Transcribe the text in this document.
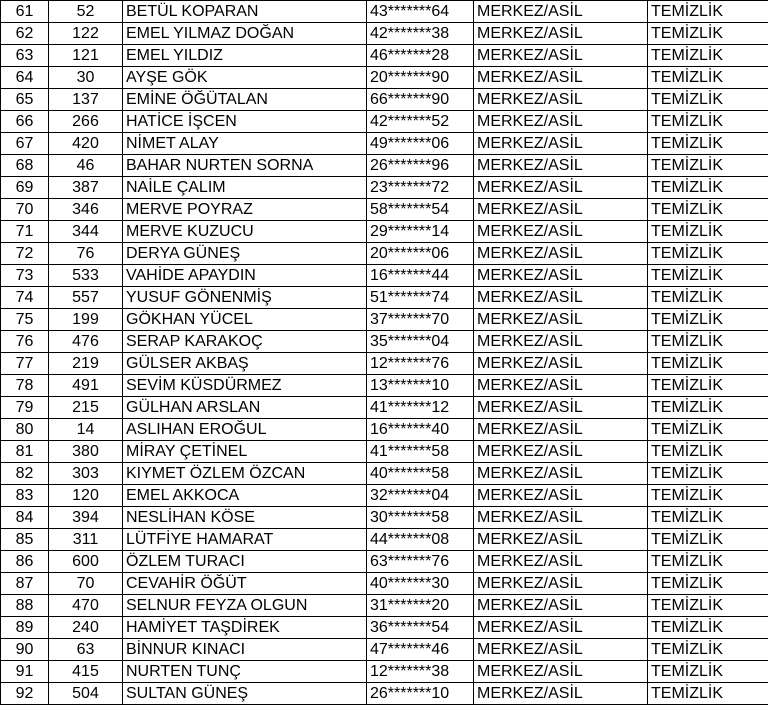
61	52	BETÜL KOPARAN	43*******64	MERKEZ/ASİL	TEMİZLİK
62	122	EMEL YILMAZ DOĞAN	42*******38	MERKEZ/ASİL	TEMİZLİK
63	121	EMEL YILDIZ	46*******28	MERKEZ/ASİL	TEMİZLİK
64	30	AYŞE GÖK	20*******90	MERKEZ/ASİL	TEMİZLİK
65	137	EMİNE ÖĞÜTALAN	66*******90	MERKEZ/ASİL	TEMİZLİK
66	266	HATİCE İŞCEN	42*******52	MERKEZ/ASİL	TEMİZLİK
67	420	NİMET ALAY	49*******06	MERKEZ/ASİL	TEMİZLİK
68	46	BAHAR NURTEN SORNA	26*******96	MERKEZ/ASİL	TEMİZLİK
69	387	NAİLE ÇALIM	23*******72	MERKEZ/ASİL	TEMİZLİK
70	346	MERVE POYRAZ	58*******54	MERKEZ/ASİL	TEMİZLİK
71	344	MERVE KUZUCU	29*******14	MERKEZ/ASİL	TEMİZLİK
72	76	DERYA GÜNEŞ	20*******06	MERKEZ/ASİL	TEMİZLİK
73	533	VAHİDE APAYDIN	16*******44	MERKEZ/ASİL	TEMİZLİK
74	557	YUSUF GÖNENMİŞ	51*******74	MERKEZ/ASİL	TEMİZLİK
75	199	GÖKHAN YÜCEL	37*******70	MERKEZ/ASİL	TEMİZLİK
76	476	SERAP KARAKOÇ	35*******04	MERKEZ/ASİL	TEMİZLİK
77	219	GÜLSER AKBAŞ	12*******76	MERKEZ/ASİL	TEMİZLİK
78	491	SEVİM KÜSDÜRMEZ	13*******10	MERKEZ/ASİL	TEMİZLİK
79	215	GÜLHAN ARSLAN	41*******12	MERKEZ/ASİL	TEMİZLİK
80	14	ASLIHAN EROĞUL	16*******40	MERKEZ/ASİL	TEMİZLİK
81	380	MİRAY ÇETİNEL	41*******58	MERKEZ/ASİL	TEMİZLİK
82	303	KIYMET ÖZLEM ÖZCAN	40*******58	MERKEZ/ASİL	TEMİZLİK
83	120	EMEL AKKOCA	32*******04	MERKEZ/ASİL	TEMİZLİK
84	394	NESLİHAN KÖSE	30*******58	MERKEZ/ASİL	TEMİZLİK
85	311	LÜTFİYE HAMARAT	44*******08	MERKEZ/ASİL	TEMİZLİK
86	600	ÖZLEM TURACI	63*******76	MERKEZ/ASİL	TEMİZLİK
87	70	CEVAHİR ÖĞÜT	40*******30	MERKEZ/ASİL	TEMİZLİK
88	470	SELNUR FEYZA OLGUN	31*******20	MERKEZ/ASİL	TEMİZLİK
89	240	HAMİYET TAŞDİREK	36*******54	MERKEZ/ASİL	TEMİZLİK
90	63	BİNNUR KINACI	47*******46	MERKEZ/ASİL	TEMİZLİK
91	415	NURTEN TUNÇ	12*******38	MERKEZ/ASİL	TEMİZLİK
92	504	SULTAN GÜNEŞ	26*******10	MERKEZ/ASİL	TEMİZLİK
